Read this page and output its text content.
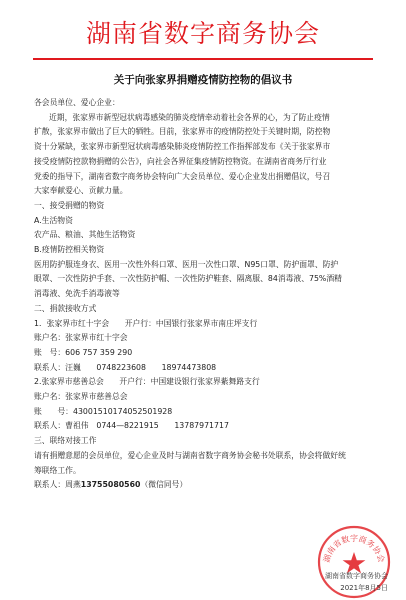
湖南省数字商务协会
关于向张家界捐赠疫情防控物的倡议书
各会员单位、爱心企业：
近期，张家界市新型冠状病毒感染的肺炎疫情牵动着社会各界的心，为了防止疫情
扩散，张家界市做出了巨大的牺牲。目前，张家界市的疫情防控处于关键时期，防控物
资十分紧缺，张家界市新型冠状病毒感染肺炎疫情防控工作指挥部发布《关于张家界市
接受疫情防控款物捐赠的公告》，向社会各界征集疫情防控物资。在湖南省商务厅行业
党委的指导下，湖南省数字商务协会特向广大会员单位、爱心企业发出捐赠倡议，号召
大家奉献爱心、贡献力量。
一、接受捐赠的物资
A.生活物资
农产品、粮油、其他生活物资
B.疫情防控相关物资
医用防护服连身衣、医用一次性外科口罩、医用一次性口罩、N95口罩、防护面罩、防护
眼罩、一次性防护手套、一次性防护帽、一次性防护鞋套、隔离服、84消毒液、75%酒精
消毒液、免洗手消毒液等
二、捐款接收方式
1．张家界市红十字会　　开户行：中国银行张家界市南庄坪支行
账户名：张家界市红十字会
账　号：606 757 359 290
联系人：汪巍　　0748223608　　18974473808
2.张家界市慈善总会　　开户行：中国建设银行张家界紫舞路支行
账户名：张家界市慈善总会
账　　号：43001510174052501928
联系人：曹祖伟　0744—8221915　　13787971717
三、联络对接工作
请有捐赠意愿的会员单位，爱心企业及时与湖南省数字商务协会秘书处联系，协会将做好统
筹联络工作。
联系人：周燕13755080560（微信同号）
湖南省数字商务协会
湖南省数字商务协会
2021年8月5日
